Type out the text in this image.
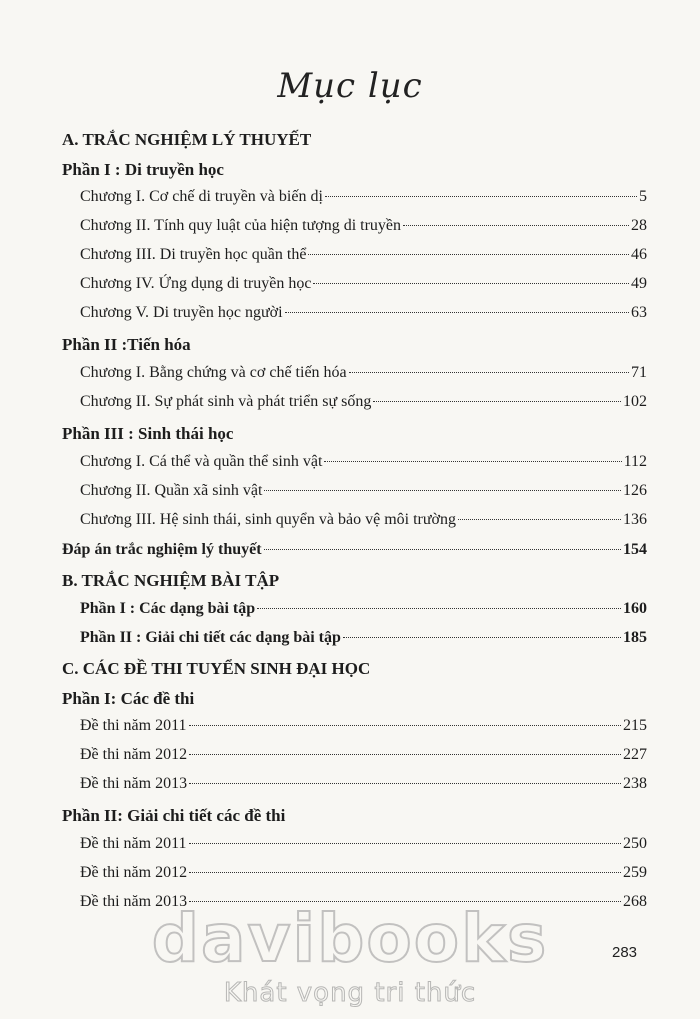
Mục lục
A. TRẮC NGHIỆM LÝ THUYẾT
Phần I : Di truyền học
Chương I. Cơ chế di truyền và biến dị	5
Chương II. Tính quy luật của hiện tượng di truyền	28
Chương III. Di truyền học quần thể	46
Chương IV. Ứng dụng di truyền học	49
Chương V. Di truyền học người	63
Phần II :Tiến hóa
Chương I. Bằng chứng và cơ chế tiến hóa	71
Chương II. Sự phát sinh và phát triển sự sống	102
Phần III : Sinh thái học
Chương I. Cá thể và quần thể sinh vật	112
Chương II. Quần xã sinh vật	126
Chương III. Hệ sinh thái, sinh quyển và bảo vệ môi trường	136
Đáp án trắc nghiệm lý thuyết	154
B. TRẮC NGHIỆM BÀI TẬP
Phần I : Các dạng bài tập	160
Phần II : Giải chi tiết các dạng bài tập	185
C. CÁC ĐỀ THI TUYỂN SINH ĐẠI HỌC
Phần I: Các đề thi
Đề thi năm 2011	215
Đề thi năm 2012	227
Đề thi năm 2013	238
Phần II: Giải chi tiết các đề thi
Đề thi năm 2011	250
Đề thi năm 2012	259
Đề thi năm 2013	268
283
davibooks
Khát vọng tri thức
